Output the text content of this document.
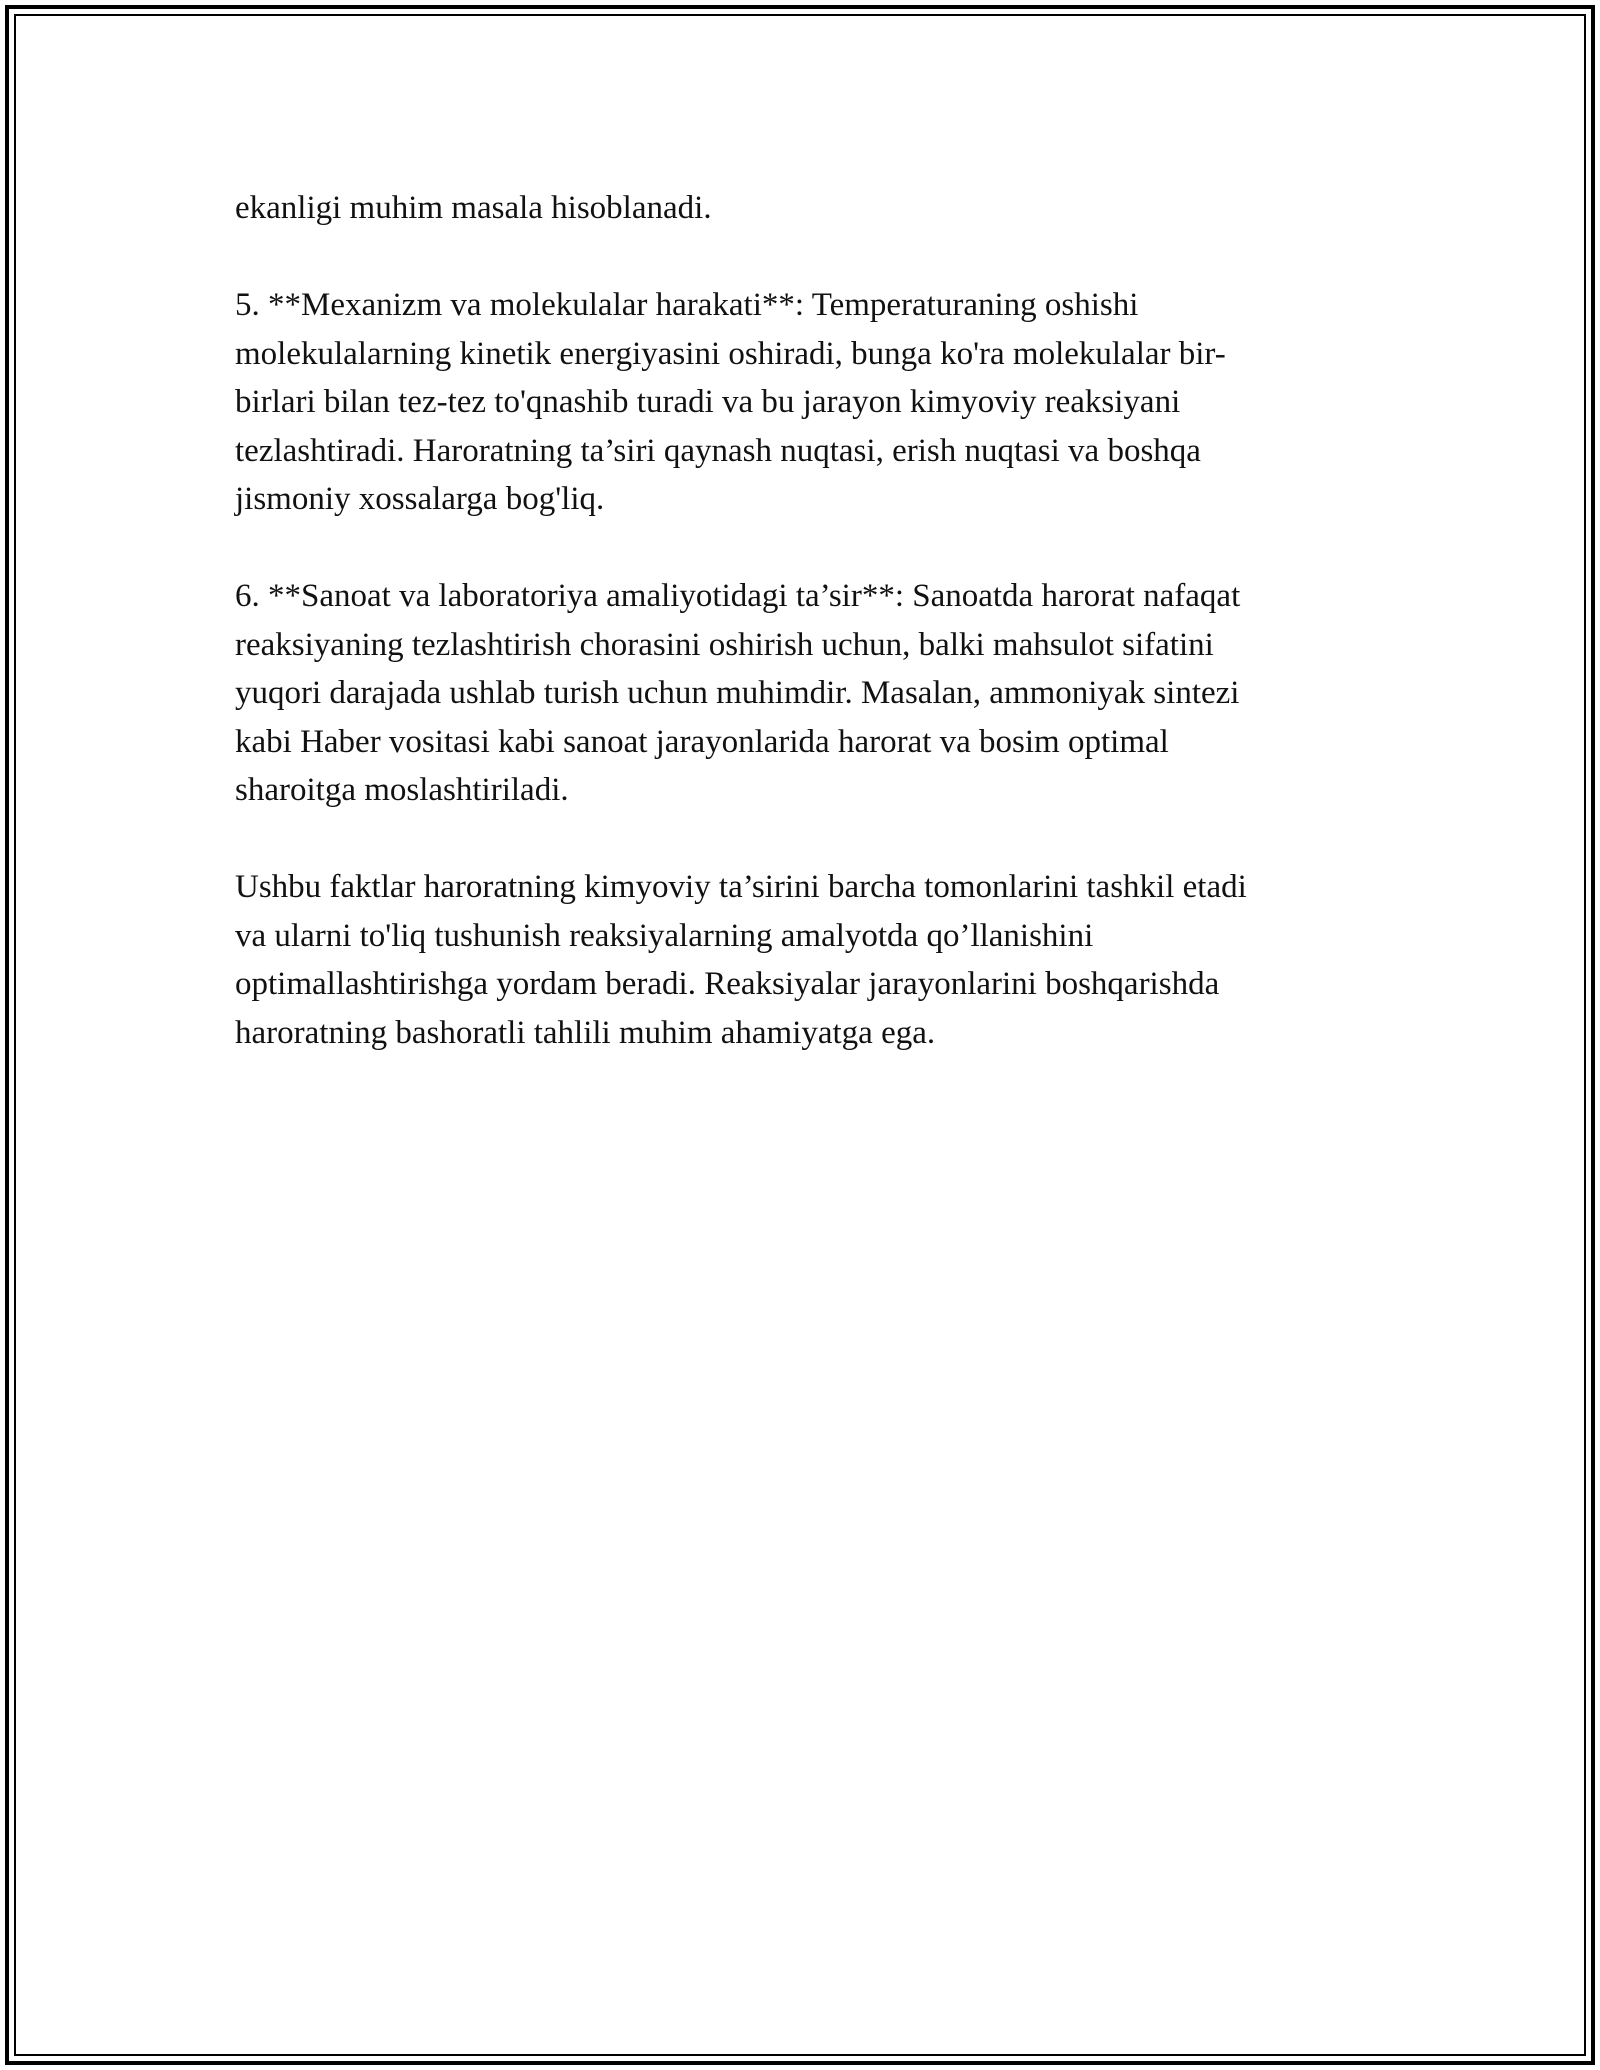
ekanligi muhim masala hisoblanadi.

5. **Mexanizm va molekulalar harakati**: Temperaturaning oshishi
molekulalarning kinetik energiyasini oshiradi, bunga ko'ra molekulalar bir-
birlari bilan tez-tez to'qnashib turadi va bu jarayon kimyoviy reaksiyani
tezlashtiradi. Haroratning ta’siri qaynash nuqtasi, erish nuqtasi va boshqa
jismoniy xossalarga bog'liq.

6. **Sanoat va laboratoriya amaliyotidagi ta’sir**: Sanoatda harorat nafaqat
reaksiyaning tezlashtirish chorasini oshirish uchun, balki mahsulot sifatini
yuqori darajada ushlab turish uchun muhimdir. Masalan, ammoniyak sintezi
kabi Haber vositasi kabi sanoat jarayonlarida harorat va bosim optimal
sharoitga moslashtiriladi.

Ushbu faktlar haroratning kimyoviy ta’sirini barcha tomonlarini tashkil etadi
va ularni to'liq tushunish reaksiyalarning amalyotda qo’llanishini
optimallashtirishga yordam beradi. Reaksiyalar jarayonlarini boshqarishda
haroratning bashoratli tahlili muhim ahamiyatga ega.
